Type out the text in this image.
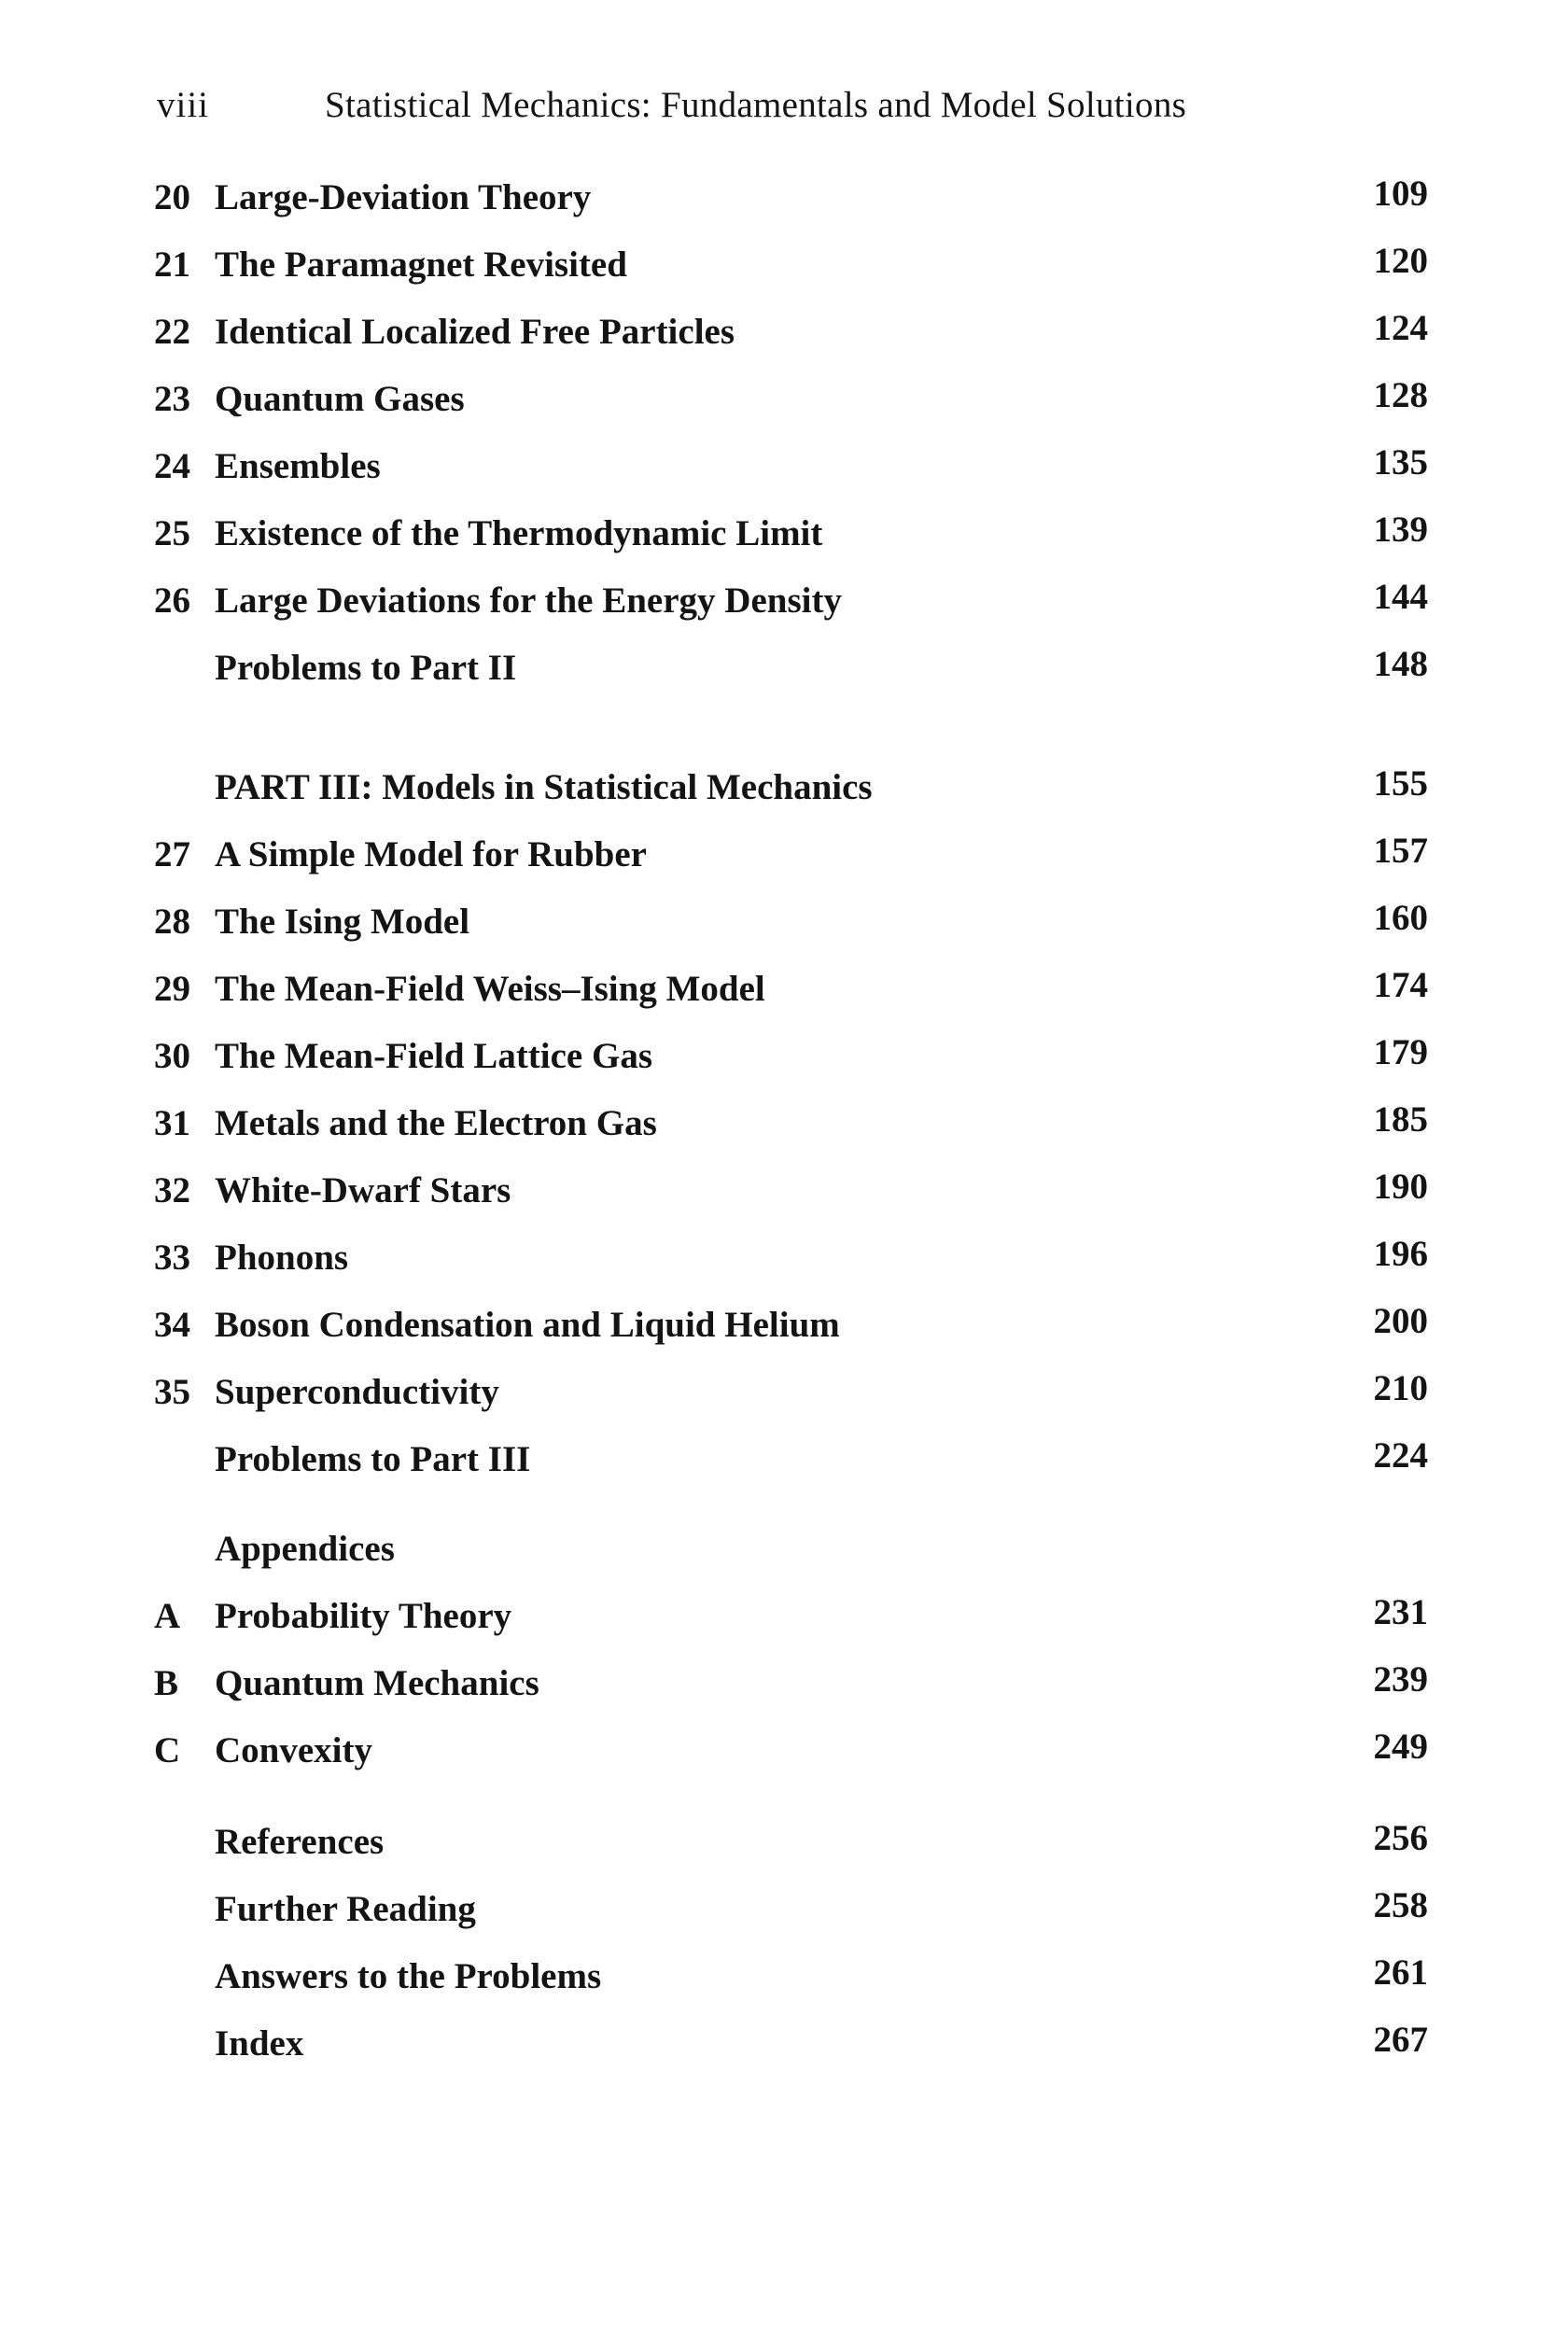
viii	Statistical Mechanics: Fundamentals and Model Solutions
20 Large-Deviation Theory	109
21 The Paramagnet Revisited	120
22 Identical Localized Free Particles	124
23 Quantum Gases	128
24 Ensembles	135
25 Existence of the Thermodynamic Limit	139
26 Large Deviations for the Energy Density	144
Problems to Part II	148
PART III: Models in Statistical Mechanics	155
27 A Simple Model for Rubber	157
28 The Ising Model	160
29 The Mean-Field Weiss–Ising Model	174
30 The Mean-Field Lattice Gas	179
31 Metals and the Electron Gas	185
32 White-Dwarf Stars	190
33 Phonons	196
34 Boson Condensation and Liquid Helium	200
35 Superconductivity	210
Problems to Part III	224
Appendices
A Probability Theory	231
B Quantum Mechanics	239
C Convexity	249
References	256
Further Reading	258
Answers to the Problems	261
Index	267
